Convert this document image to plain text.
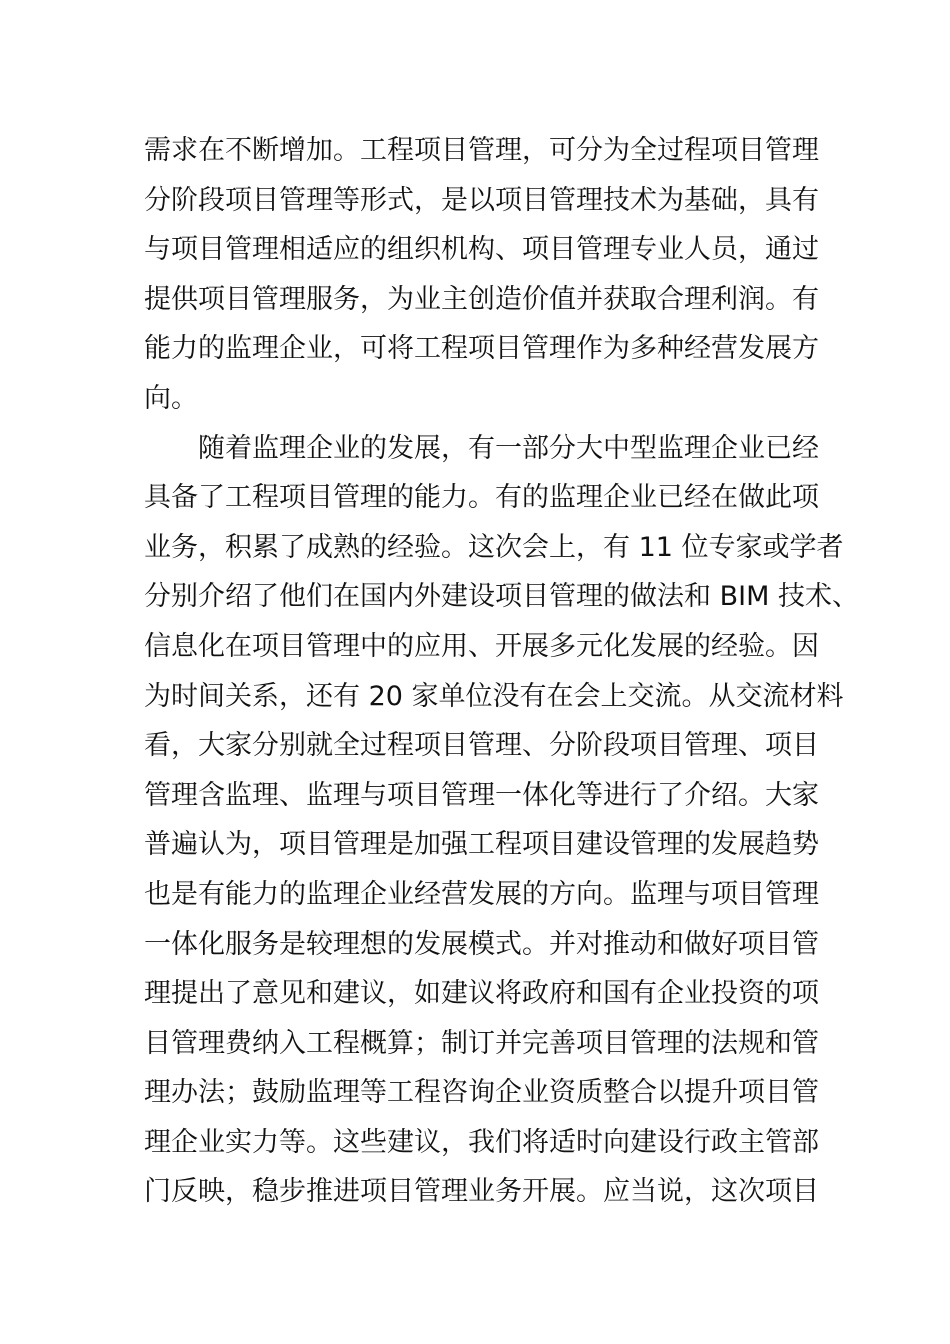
需求在不断增加。工程项目管理，可分为全过程项目管理
分阶段项目管理等形式，是以项目管理技术为基础，具有
与项目管理相适应的组织机构、项目管理专业人员，通过
提供项目管理服务，为业主创造价值并获取合理利润。有
能力的监理企业，可将工程项目管理作为多种经营发展方
向。
随着监理企业的发展，有一部分大中型监理企业已经
具备了工程项目管理的能力。有的监理企业已经在做此项
业务，积累了成熟的经验。这次会上，有 11 位专家或学者
分别介绍了他们在国内外建设项目管理的做法和 BIM 技术、
信息化在项目管理中的应用、开展多元化发展的经验。因
为时间关系，还有 20 家单位没有在会上交流。从交流材料
看，大家分别就全过程项目管理、分阶段项目管理、项目
管理含监理、监理与项目管理一体化等进行了介绍。大家
普遍认为，项目管理是加强工程项目建设管理的发展趋势
也是有能力的监理企业经营发展的方向。监理与项目管理
一体化服务是较理想的发展模式。并对推动和做好项目管
理提出了意见和建议，如建议将政府和国有企业投资的项
目管理费纳入工程概算；制订并完善项目管理的法规和管
理办法；鼓励监理等工程咨询企业资质整合以提升项目管
理企业实力等。这些建议，我们将适时向建设行政主管部
门反映，稳步推进项目管理业务开展。应当说，这次项目
